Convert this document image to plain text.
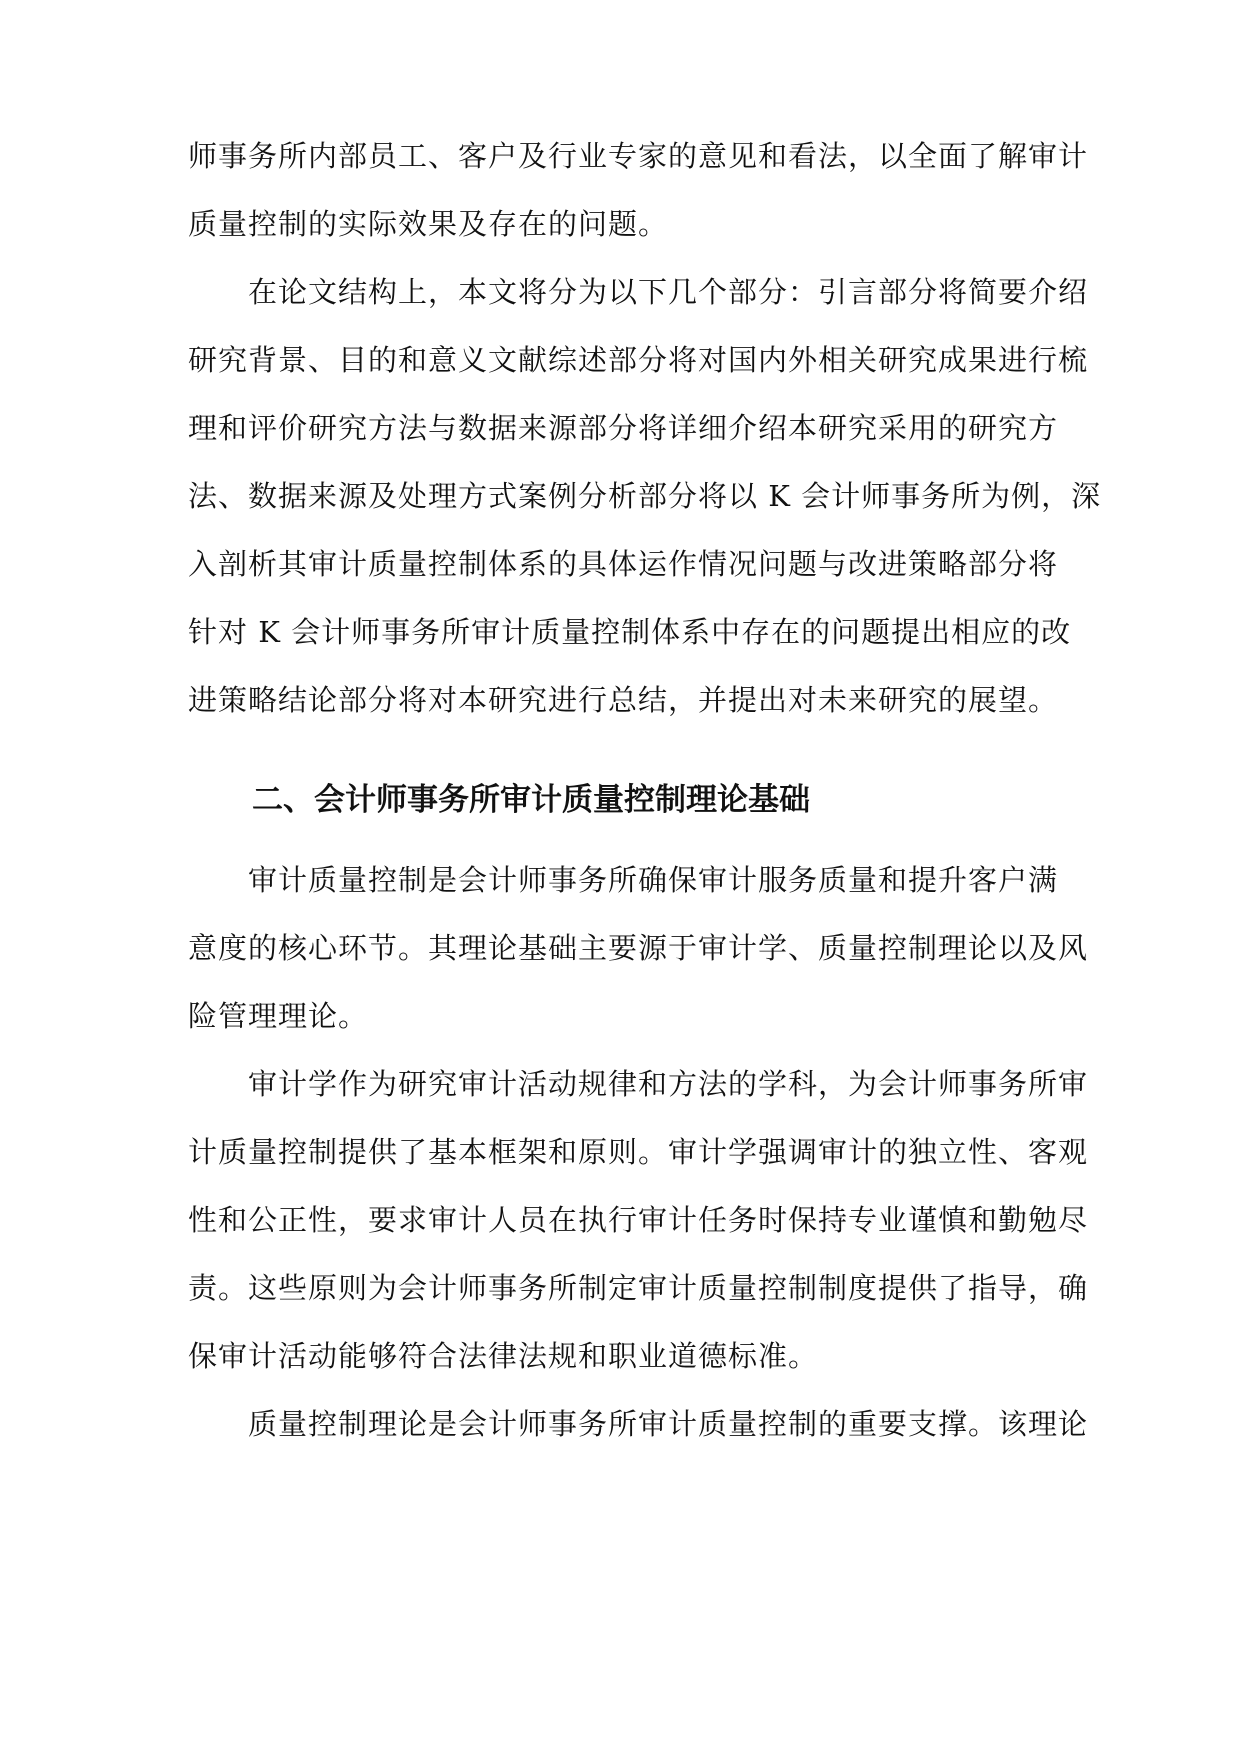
师事务所内部员工、客户及行业专家的意见和看法，以全面了解审计
质量控制的实际效果及存在的问题。
　　在论文结构上，本文将分为以下几个部分：引言部分将简要介绍
研究背景、目的和意义文献综述部分将对国内外相关研究成果进行梳
理和评价研究方法与数据来源部分将详细介绍本研究采用的研究方
法、数据来源及处理方式案例分析部分将以 K 会计师事务所为例，深
入剖析其审计质量控制体系的具体运作情况问题与改进策略部分将
针对 K 会计师事务所审计质量控制体系中存在的问题提出相应的改
进策略结论部分将对本研究进行总结，并提出对未来研究的展望。
二、会计师事务所审计质量控制理论基础
　　审计质量控制是会计师事务所确保审计服务质量和提升客户满
意度的核心环节。其理论基础主要源于审计学、质量控制理论以及风
险管理理论。
　　审计学作为研究审计活动规律和方法的学科，为会计师事务所审
计质量控制提供了基本框架和原则。审计学强调审计的独立性、客观
性和公正性，要求审计人员在执行审计任务时保持专业谨慎和勤勉尽
责。这些原则为会计师事务所制定审计质量控制制度提供了指导，确
保审计活动能够符合法律法规和职业道德标准。
　　质量控制理论是会计师事务所审计质量控制的重要支撑。该理论
